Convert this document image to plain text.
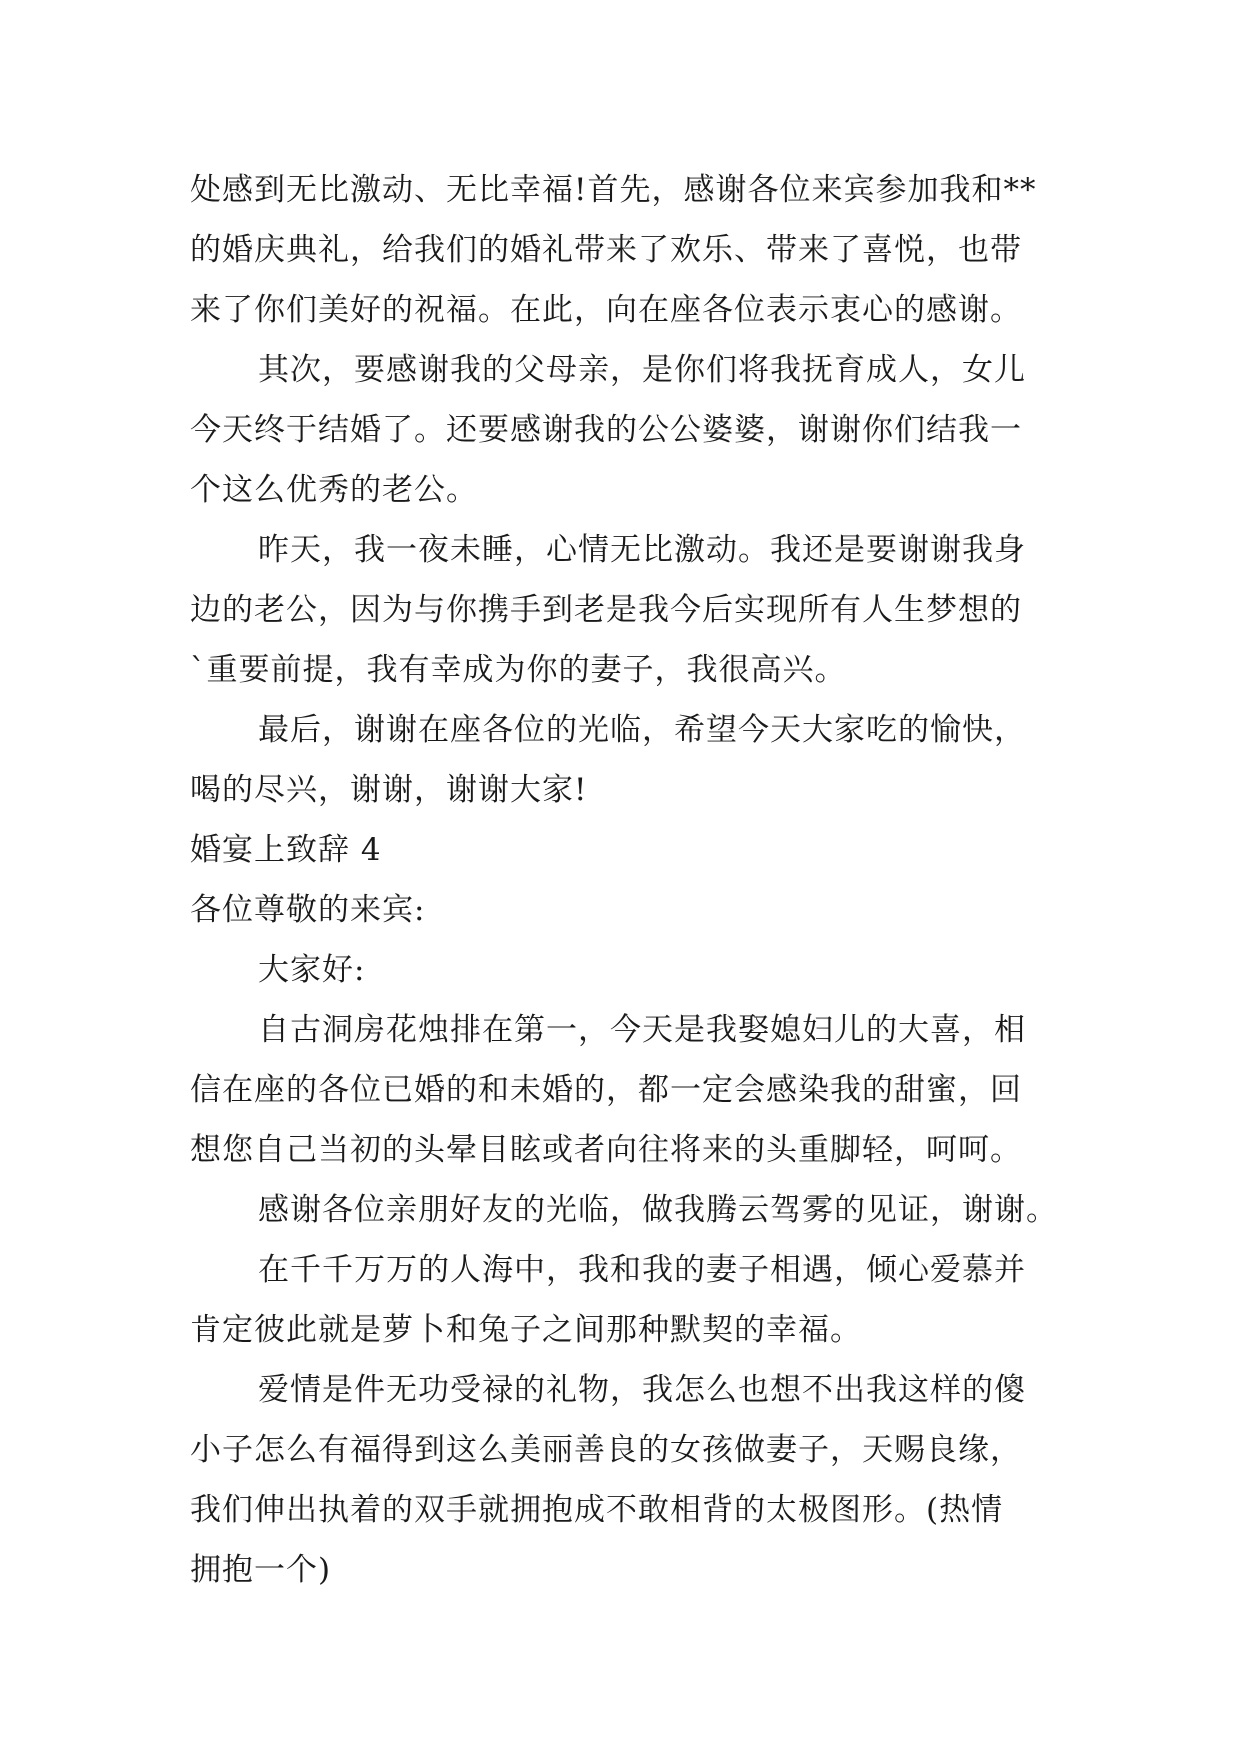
处感到无比激动、无比幸福!首先，感谢各位来宾参加我和**
的婚庆典礼，给我们的婚礼带来了欢乐、带来了喜悦，也带
来了你们美好的祝福。在此，向在座各位表示衷心的感谢。
其次，要感谢我的父母亲，是你们将我抚育成人，女儿
今天终于结婚了。还要感谢我的公公婆婆，谢谢你们结我一
个这么优秀的老公。
昨天，我一夜未睡，心情无比激动。我还是要谢谢我身
边的老公，因为与你携手到老是我今后实现所有人生梦想的
`重要前提，我有幸成为你的妻子，我很高兴。
最后，谢谢在座各位的光临，希望今天大家吃的愉快，
喝的尽兴，谢谢，谢谢大家!
婚宴上致辞 4
各位尊敬的来宾:
大家好:
自古洞房花烛排在第一，今天是我娶媳妇儿的大喜，相
信在座的各位已婚的和未婚的，都一定会感染我的甜蜜，回
想您自己当初的头晕目眩或者向往将来的头重脚轻，呵呵。
感谢各位亲朋好友的光临，做我腾云驾雾的见证，谢谢。
在千千万万的人海中，我和我的妻子相遇，倾心爱慕并
肯定彼此就是萝卜和兔子之间那种默契的幸福。
爱情是件无功受禄的礼物，我怎么也想不出我这样的傻
小子怎么有福得到这么美丽善良的女孩做妻子，天赐良缘，
我们伸出执着的双手就拥抱成不敢相背的太极图形。(热情
拥抱一个)
